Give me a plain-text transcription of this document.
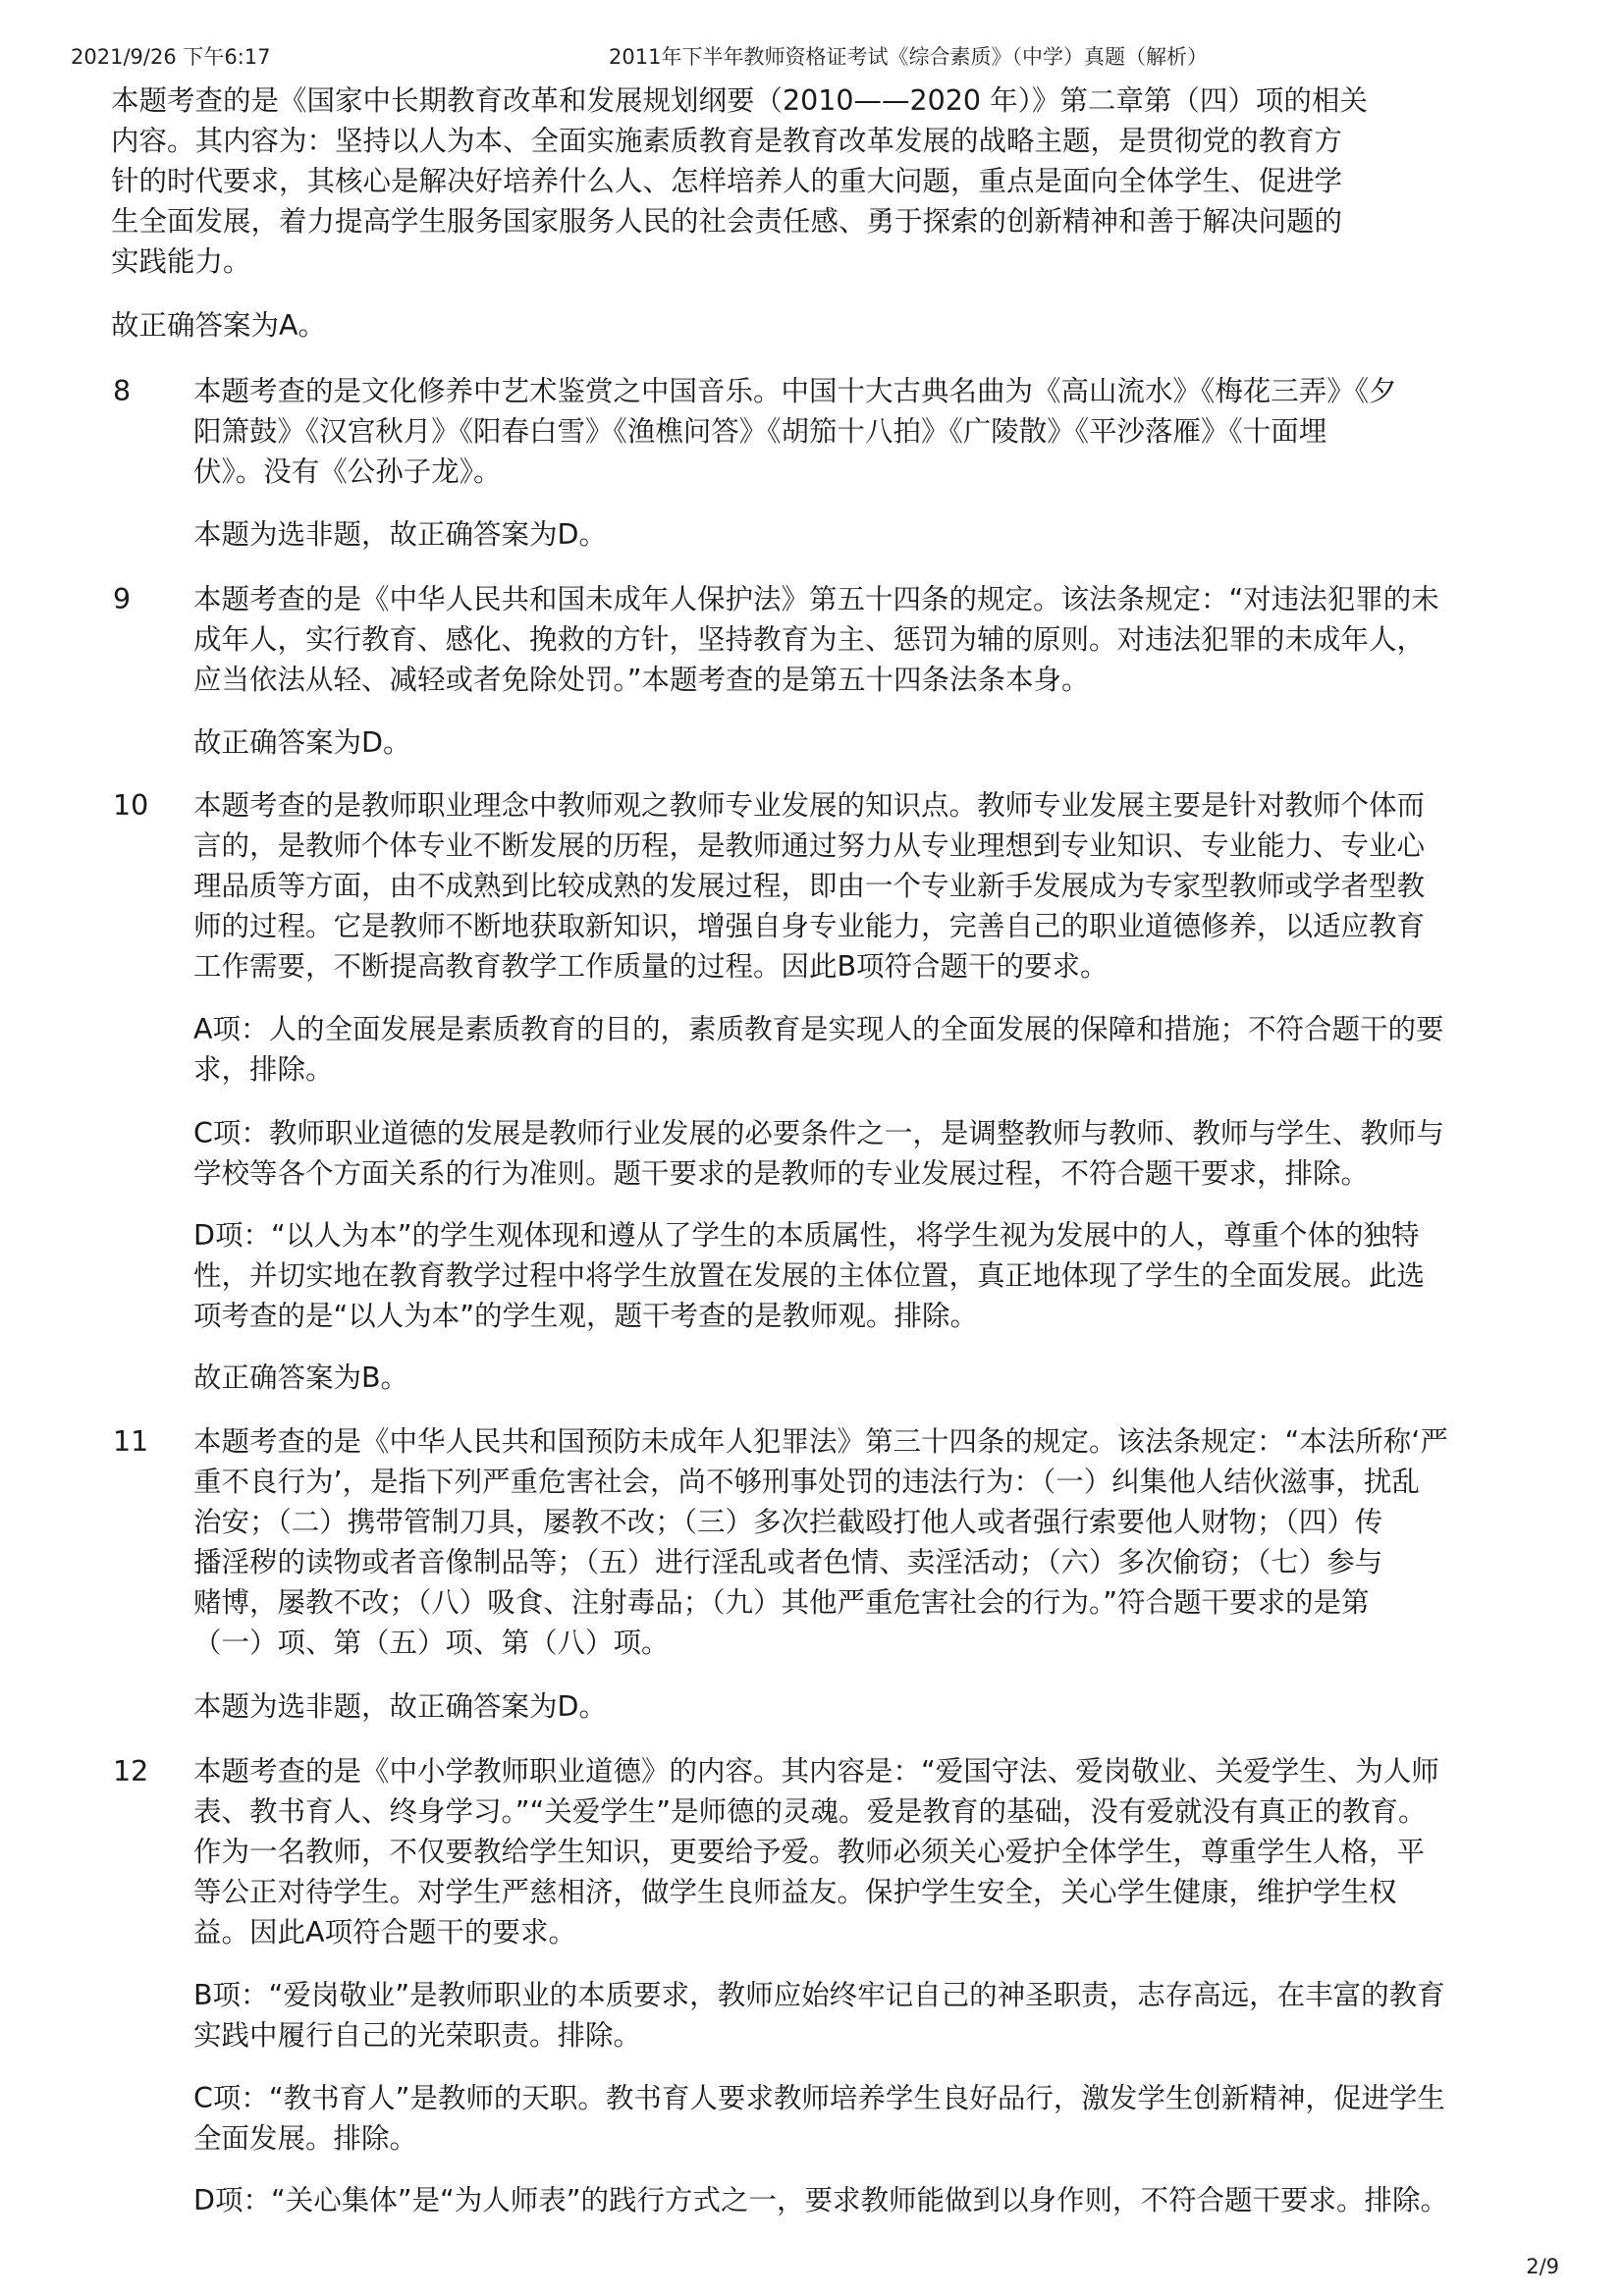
2021/9/26 下午6:17	2011年下半年教师资格证考试《综合素质》（中学）真题（解析）
本题考查的是《国家中长期教育改革和发展规划纲要（2010——2020 年）》第二章第（四）项的相关
内容。其内容为：坚持以人为本、全面实施素质教育是教育改革发展的战略主题，是贯彻党的教育方
针的时代要求，其核心是解决好培养什么人、怎样培养人的重大问题，重点是面向全体学生、促进学
生全面发展，着力提高学生服务国家服务人民的社会责任感、勇于探索的创新精神和善于解决问题的
实践能力。
故正确答案为A。
8 本题考查的是文化修养中艺术鉴赏之中国音乐。中国十大古典名曲为《高山流水》《梅花三弄》《夕
阳箫鼓》《汉宫秋月》《阳春白雪》《渔樵问答》《胡笳十八拍》《广陵散》《平沙落雁》《十面埋
伏》。没有《公孙子龙》。
本题为选非题，故正确答案为D。
9 本题考查的是《中华人民共和国未成年人保护法》第五十四条的规定。该法条规定：“对违法犯罪的未
成年人，实行教育、感化、挽救的方针，坚持教育为主、惩罚为辅的原则。对违法犯罪的未成年人，
应当依法从轻、减轻或者免除处罚。”本题考查的是第五十四条法条本身。
故正确答案为D。
10 本题考查的是教师职业理念中教师观之教师专业发展的知识点。教师专业发展主要是针对教师个体而
言的，是教师个体专业不断发展的历程，是教师通过努力从专业理想到专业知识、专业能力、专业心
理品质等方面，由不成熟到比较成熟的发展过程，即由一个专业新手发展成为专家型教师或学者型教
师的过程。它是教师不断地获取新知识，增强自身专业能力，完善自己的职业道德修养，以适应教育
工作需要，不断提高教育教学工作质量的过程。因此B项符合题干的要求。
A项：人的全面发展是素质教育的目的，素质教育是实现人的全面发展的保障和措施；不符合题干的要
求，排除。
C项：教师职业道德的发展是教师行业发展的必要条件之一，是调整教师与教师、教师与学生、教师与
学校等各个方面关系的行为准则。题干要求的是教师的专业发展过程，不符合题干要求，排除。
D项：“以人为本”的学生观体现和遵从了学生的本质属性，将学生视为发展中的人，尊重个体的独特
性，并切实地在教育教学过程中将学生放置在发展的主体位置，真正地体现了学生的全面发展。此选
项考查的是“以人为本”的学生观，题干考查的是教师观。排除。
故正确答案为B。
11 本题考查的是《中华人民共和国预防未成年人犯罪法》第三十四条的规定。该法条规定：“本法所称‘严
重不良行为’，是指下列严重危害社会，尚不够刑事处罚的违法行为：（一）纠集他人结伙滋事，扰乱
治安；（二）携带管制刀具，屡教不改；（三）多次拦截殴打他人或者强行索要他人财物；（四）传
播淫秽的读物或者音像制品等；（五）进行淫乱或者色情、卖淫活动；（六）多次偷窃；（七）参与
赌博，屡教不改；（八）吸食、注射毒品；（九）其他严重危害社会的行为。”符合题干要求的是第
（一）项、第（五）项、第（八）项。
本题为选非题，故正确答案为D。
12 本题考查的是《中小学教师职业道德》的内容。其内容是：“爱国守法、爱岗敬业、关爱学生、为人师
表、教书育人、终身学习。”“关爱学生”是师德的灵魂。爱是教育的基础，没有爱就没有真正的教育。
作为一名教师，不仅要教给学生知识，更要给予爱。教师必须关心爱护全体学生，尊重学生人格，平
等公正对待学生。对学生严慈相济，做学生良师益友。保护学生安全，关心学生健康，维护学生权
益。因此A项符合题干的要求。
B项：“爱岗敬业”是教师职业的本质要求，教师应始终牢记自己的神圣职责，志存高远，在丰富的教育
实践中履行自己的光荣职责。排除。
C项：“教书育人”是教师的天职。教书育人要求教师培养学生良好品行，激发学生创新精神，促进学生
全面发展。排除。
D项：“关心集体”是“为人师表”的践行方式之一，要求教师能做到以身作则，不符合题干要求。排除。
2/9
